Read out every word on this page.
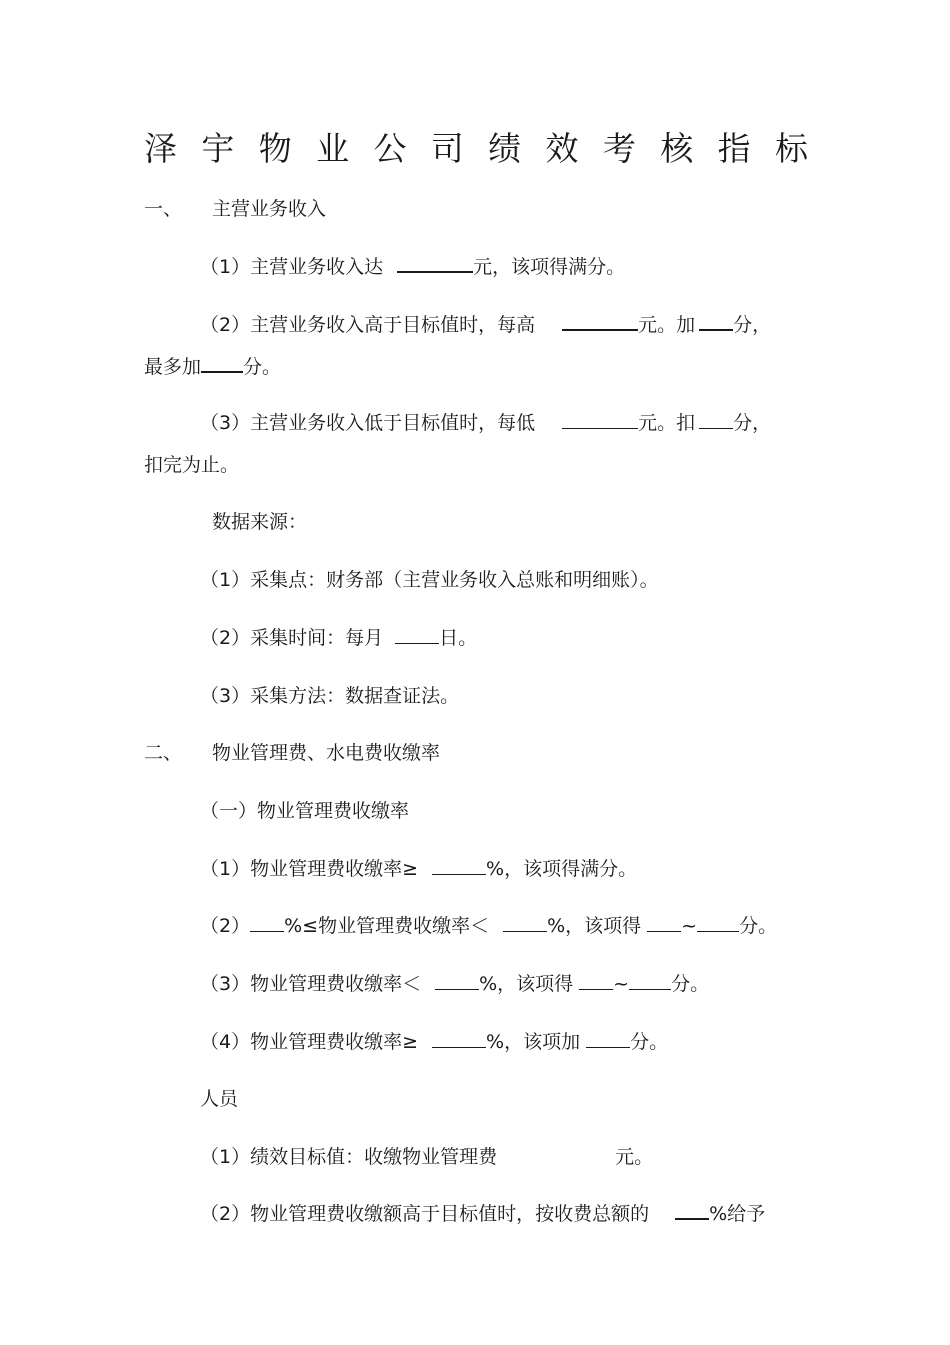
泽 宇 物 业 公 司 绩 效 考 核 指 标
一、 主营业务收入
（1）主营业务收入达	元，该项得满分。
（2）主营业务收入高于目标值时，每高	元。加 分，
最多加 分。
（3）主营业务收入低于目标值时，每低	元。扣 分，
扣完为止。
数据来源：
（1）采集点：财务部（主营业务收入总账和明细账）。
（2）采集时间：每月	日。
（3）采集方法：数据查证法。
二、 物业管理费、水电费收缴率
（一）物业管理费收缴率
（1）物业管理费收缴率≥	%，该项得满分。
（2） %≤物业管理费收缴率＜	%，该项得 ~ 分。
（3）物业管理费收缴率＜	%，该项得 ~ 分。
（4）物业管理费收缴率≥	%，该项加	分。
人员
（1）绩效目标值：收缴物业管理费	元。
（2）物业管理费收缴额高于目标值时，按收费总额的	%给予
